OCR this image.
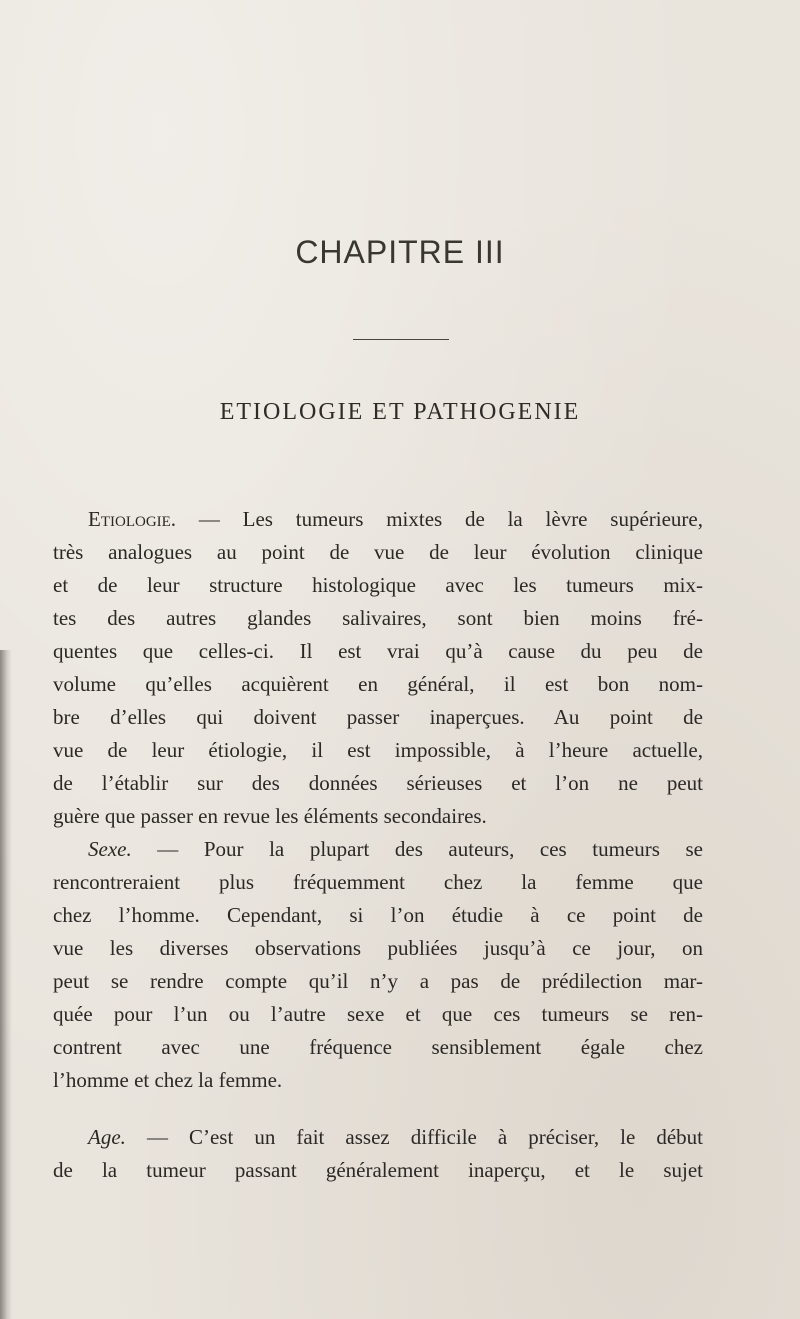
CHAPITRE III
ETIOLOGIE ET PATHOGENIE
Etiologie. — Les tumeurs mixtes de la lèvre supérieure,
très analogues au point de vue de leur évolution clinique
et de leur structure histologique avec les tumeurs mix-
tes des autres glandes salivaires, sont bien moins fré-
quentes que celles-ci. Il est vrai qu’à cause du peu de
volume qu’elles acquièrent en général, il est bon nom-
bre d’elles qui doivent passer inaperçues. Au point de
vue de leur étiologie, il est impossible, à l’heure actuelle,
de l’établir sur des données sérieuses et l’on ne peut
guère que passer en revue les éléments secondaires.
Sexe. — Pour la plupart des auteurs, ces tumeurs se
rencontreraient plus fréquemment chez la femme que
chez l’homme. Cependant, si l’on étudie à ce point de
vue les diverses observations publiées jusqu’à ce jour, on
peut se rendre compte qu’il n’y a pas de prédilection mar-
quée pour l’un ou l’autre sexe et que ces tumeurs se ren-
contrent avec une fréquence sensiblement égale chez
l’homme et chez la femme.
Age. — C’est un fait assez difficile à préciser, le début
de la tumeur passant généralement inaperçu, et le sujet
